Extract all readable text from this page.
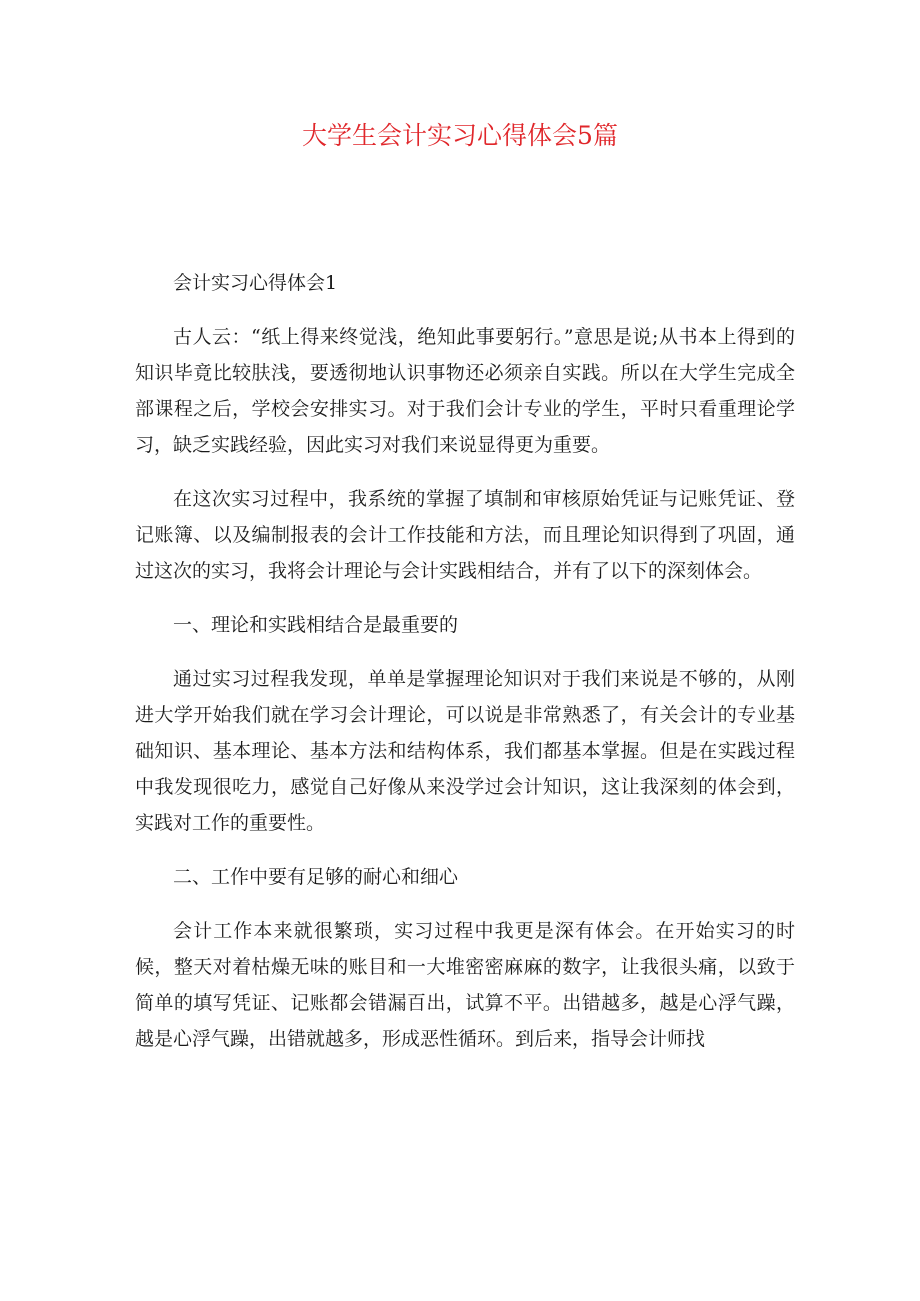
大学生会计实习心得体会5篇

会计实习心得体会1

古人云：“纸上得来终觉浅，绝知此事要躬行。”意思是说;从书本上得到的知识毕竟比较肤浅，要透彻地认识事物还必须亲自实践。所以在大学生完成全部课程之后，学校会安排实习。对于我们会计专业的学生，平时只看重理论学习，缺乏实践经验，因此实习对我们来说显得更为重要。

在这次实习过程中，我系统的掌握了填制和审核原始凭证与记账凭证、登记账簿、以及编制报表的会计工作技能和方法，而且理论知识得到了巩固，通过这次的实习，我将会计理论与会计实践相结合，并有了以下的深刻体会。

一、理论和实践相结合是最重要的

通过实习过程我发现，单单是掌握理论知识对于我们来说是不够的，从刚进大学开始我们就在学习会计理论，可以说是非常熟悉了，有关会计的专业基础知识、基本理论、基本方法和结构体系，我们都基本掌握。但是在实践过程中我发现很吃力，感觉自己好像从来没学过会计知识，这让我深刻的体会到，实践对工作的重要性。

二、工作中要有足够的耐心和细心

会计工作本来就很繁琐，实习过程中我更是深有体会。在开始实习的时候，整天对着枯燥无味的账目和一大堆密密麻麻的数字，让我很头痛，以致于简单的填写凭证、记账都会错漏百出，试算不平。出错越多，越是心浮气躁，越是心浮气躁，出错就越多，形成恶性循环。到后来，指导会计师找
